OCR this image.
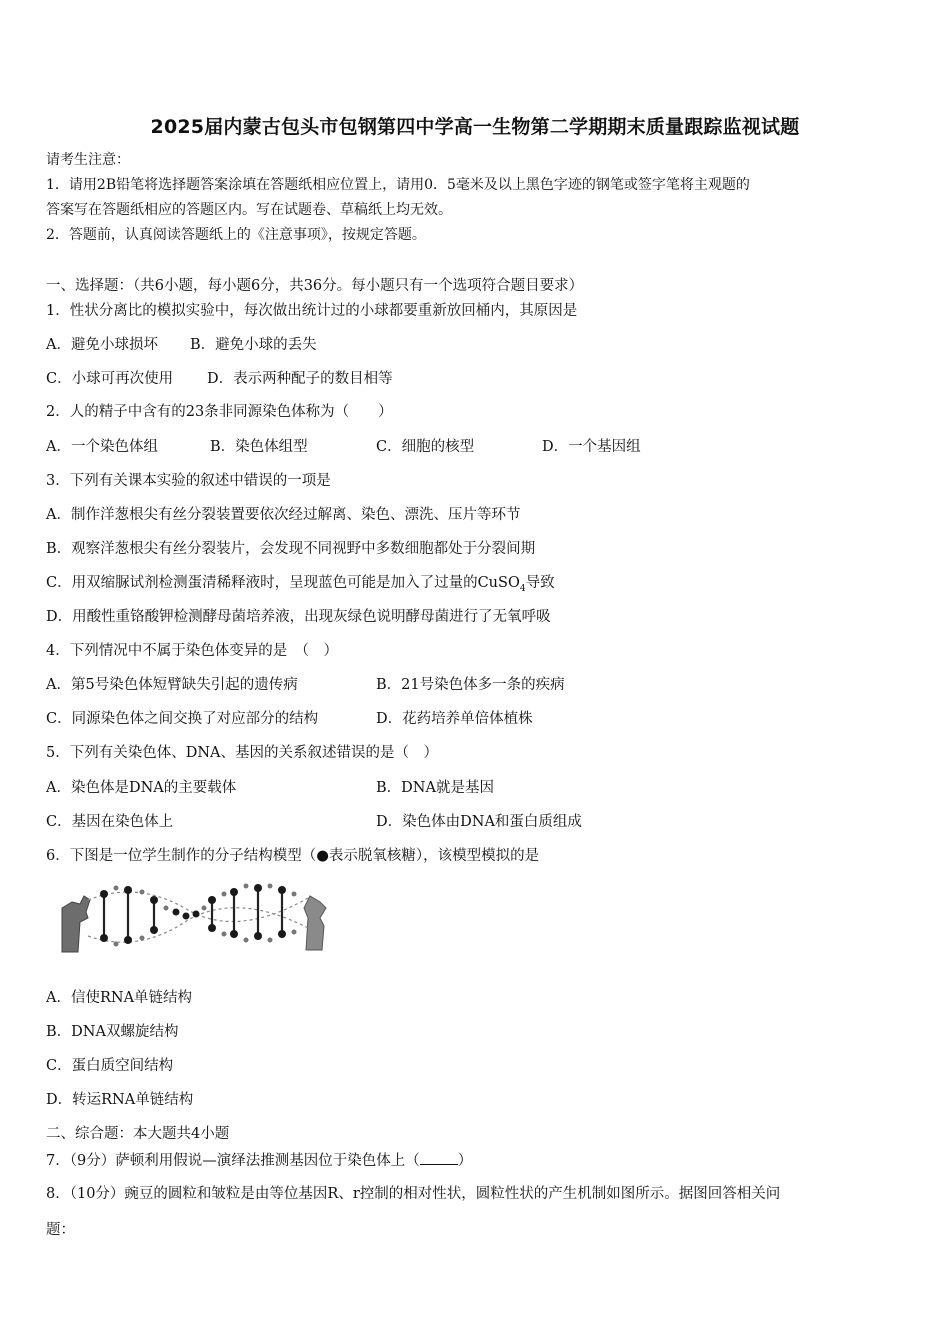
2025届内蒙古包头市包钢第四中学高一生物第二学期期末质量跟踪监视试题
请考生注意：
1．请用2B铅笔将选择题答案涂填在答题纸相应位置上，请用0．5毫米及以上黑色字迹的钢笔或签字笔将主观题的
答案写在答题纸相应的答题区内。写在试题卷、草稿纸上均无效。
2．答题前，认真阅读答题纸上的《注意事项》，按规定答题。
一、选择题：（共6小题，每小题6分，共36分。每小题只有一个选项符合题目要求）
1．性状分离比的模拟实验中，每次做出统计过的小球都要重新放回桶内，其原因是
A．避免小球损坏 B．避免小球的丢失
C．小球可再次使用 D．表示两种配子的数目相等
2．人的精子中含有的23条非同源染色体称为（　　）
A．一个染色体组	B．染色体组型	C．细胞的核型	D．一个基因组
3．下列有关课本实验的叙述中错误的一项是
A．制作洋葱根尖有丝分裂装置要依次经过解离、染色、漂洗、压片等环节
B．观察洋葱根尖有丝分裂装片，会发现不同视野中多数细胞都处于分裂间期
C．用双缩脲试剂检测蛋清稀释液时，呈现蓝色可能是加入了过量的CuSO$_4$导致
D．用酸性重铬酸钾检测酵母菌培养液，出现灰绿色说明酵母菌进行了无氧呼吸
4．下列情况中不属于染色体变异的是　（　）
A．第5号染色体短臂缺失引起的遗传病	B．21号染色体多一条的疾病
C．同源染色体之间交换了对应部分的结构	D．花药培养单倍体植株
5．下列有关染色体、DNA、基因的关系叙述错误的是（　）
A．染色体是DNA的主要载体	B．DNA就是基因
C．基因在染色体上	D．染色体由DNA和蛋白质组成
6．下图是一位学生制作的分子结构模型（●表示脱氧核糖），该模型模拟的是
A．信使RNA单链结构
B．DNA双螺旋结构
C．蛋白质空间结构
D．转运RNA单链结构
二、综合题：本大题共4小题
7．（9分）萨顿利用假说—演绎法推测基因位于染色体上（	）
8．（10分）豌豆的圆粒和皱粒是由等位基因R、r控制的相对性状，圆粒性状的产生机制如图所示。据图回答相关问
题：
